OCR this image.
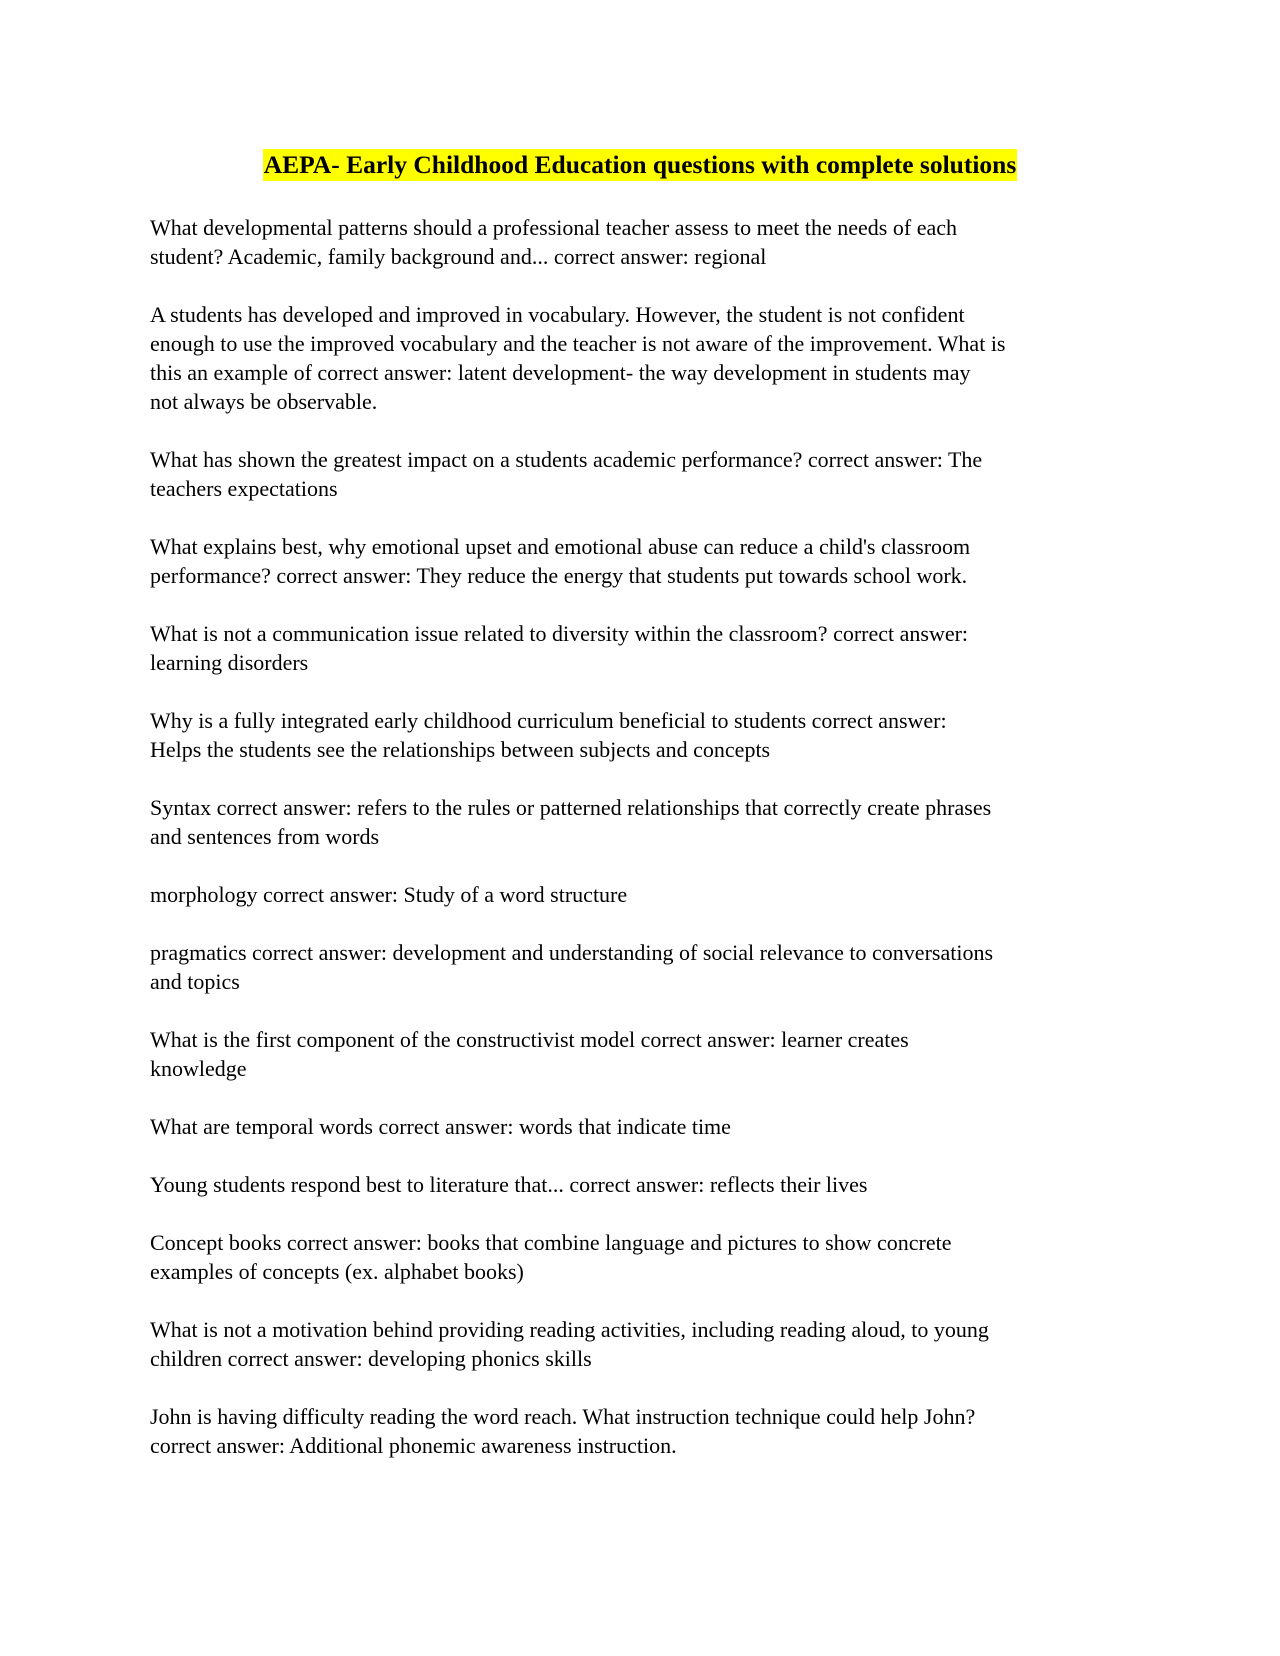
AEPA- Early Childhood Education questions with complete solutions

What developmental patterns should a professional teacher assess to meet the needs of each
student? Academic, family background and... correct answer: regional

A students has developed and improved in vocabulary. However, the student is not confident
enough to use the improved vocabulary and the teacher is not aware of the improvement. What is
this an example of correct answer: latent development- the way development in students may
not always be observable.

What has shown the greatest impact on a students academic performance? correct answer: The
teachers expectations

What explains best, why emotional upset and emotional abuse can reduce a child's classroom
performance? correct answer: They reduce the energy that students put towards school work.

What is not a communication issue related to diversity within the classroom? correct answer:
learning disorders

Why is a fully integrated early childhood curriculum beneficial to students correct answer:
Helps the students see the relationships between subjects and concepts

Syntax correct answer: refers to the rules or patterned relationships that correctly create phrases
and sentences from words

morphology correct answer: Study of a word structure

pragmatics correct answer: development and understanding of social relevance to conversations
and topics

What is the first component of the constructivist model correct answer: learner creates
knowledge

What are temporal words correct answer: words that indicate time

Young students respond best to literature that... correct answer: reflects their lives

Concept books correct answer: books that combine language and pictures to show concrete
examples of concepts (ex. alphabet books)

What is not a motivation behind providing reading activities, including reading aloud, to young
children correct answer: developing phonics skills

John is having difficulty reading the word reach. What instruction technique could help John?
correct answer: Additional phonemic awareness instruction.
